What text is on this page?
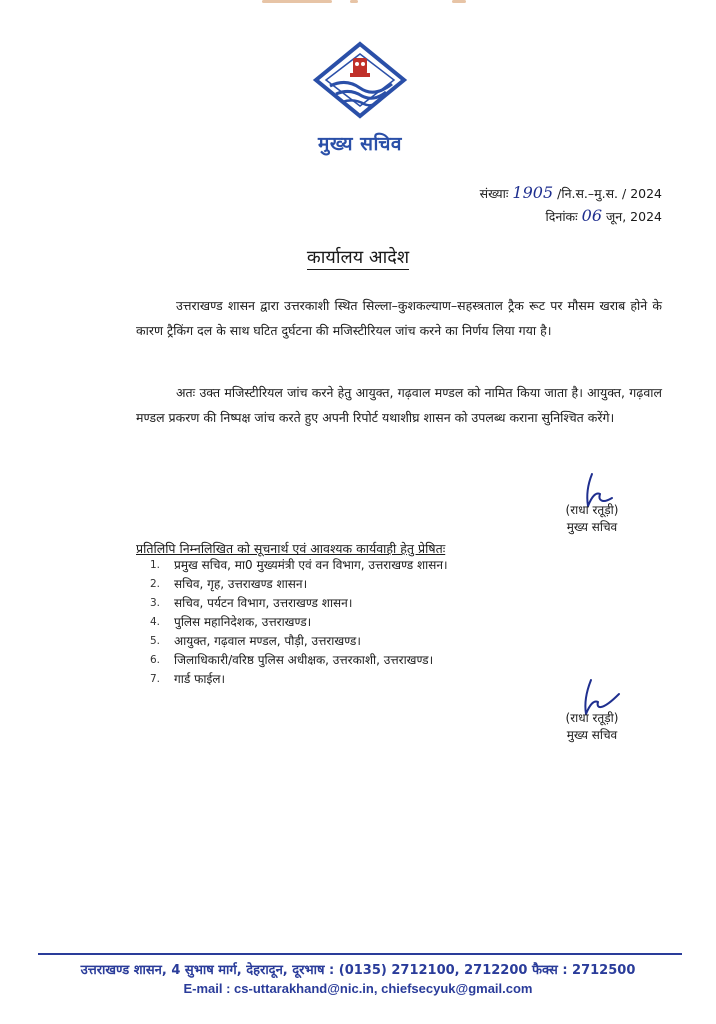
मुख्य सचिव
संख्याः 1905 /नि.स.–मु.स. / 2024
दिनांकः 06 जून, 2024
कार्यालय आदेश
उत्तराखण्ड शासन द्वारा उत्तरकाशी स्थित सिल्ला–कुशकल्याण–सहस्त्रताल ट्रैक रूट पर मौसम खराब होने के कारण ट्रैकिंग दल के साथ घटित दुर्घटना की मजिस्टीरियल जांच करने का निर्णय लिया गया है।
अतः उक्त मजिस्टीरियल जांच करने हेतु आयुक्त, गढ़वाल मण्डल को नामित किया जाता है। आयुक्त, गढ़वाल मण्डल प्रकरण की निष्पक्ष जांच करते हुए अपनी रिपोर्ट यथाशीघ्र शासन को उपलब्ध कराना सुनिश्चित करेंगे।
(राधा रतूड़ी)
मुख्य सचिव
प्रतिलिपि निम्नलिखित को सूचनार्थ एवं आवश्यक कार्यवाही हेतु प्रेषितः
1.	प्रमुख सचिव, मा0 मुख्यमंत्री एवं वन विभाग, उत्तराखण्ड शासन।
2.	सचिव, गृह, उत्तराखण्ड शासन।
3.	सचिव, पर्यटन विभाग, उत्तराखण्ड शासन।
4.	पुलिस महानिदेशक, उत्तराखण्ड।
5.	आयुक्त, गढ़वाल मण्डल, पौड़ी, उत्तराखण्ड।
6.	जिलाधिकारी/वरिष्ठ पुलिस अधीक्षक, उत्तरकाशी, उत्तराखण्ड।
7.	गार्ड फाईल।
(राधा रतूड़ी)
मुख्य सचिव
उत्तराखण्ड शासन, 4 सुभाष मार्ग, देहरादून, दूरभाष : (0135) 2712100, 2712200 फैक्स : 2712500
E-mail : cs-uttarakhand@nic.in, chiefsecyuk@gmail.com
